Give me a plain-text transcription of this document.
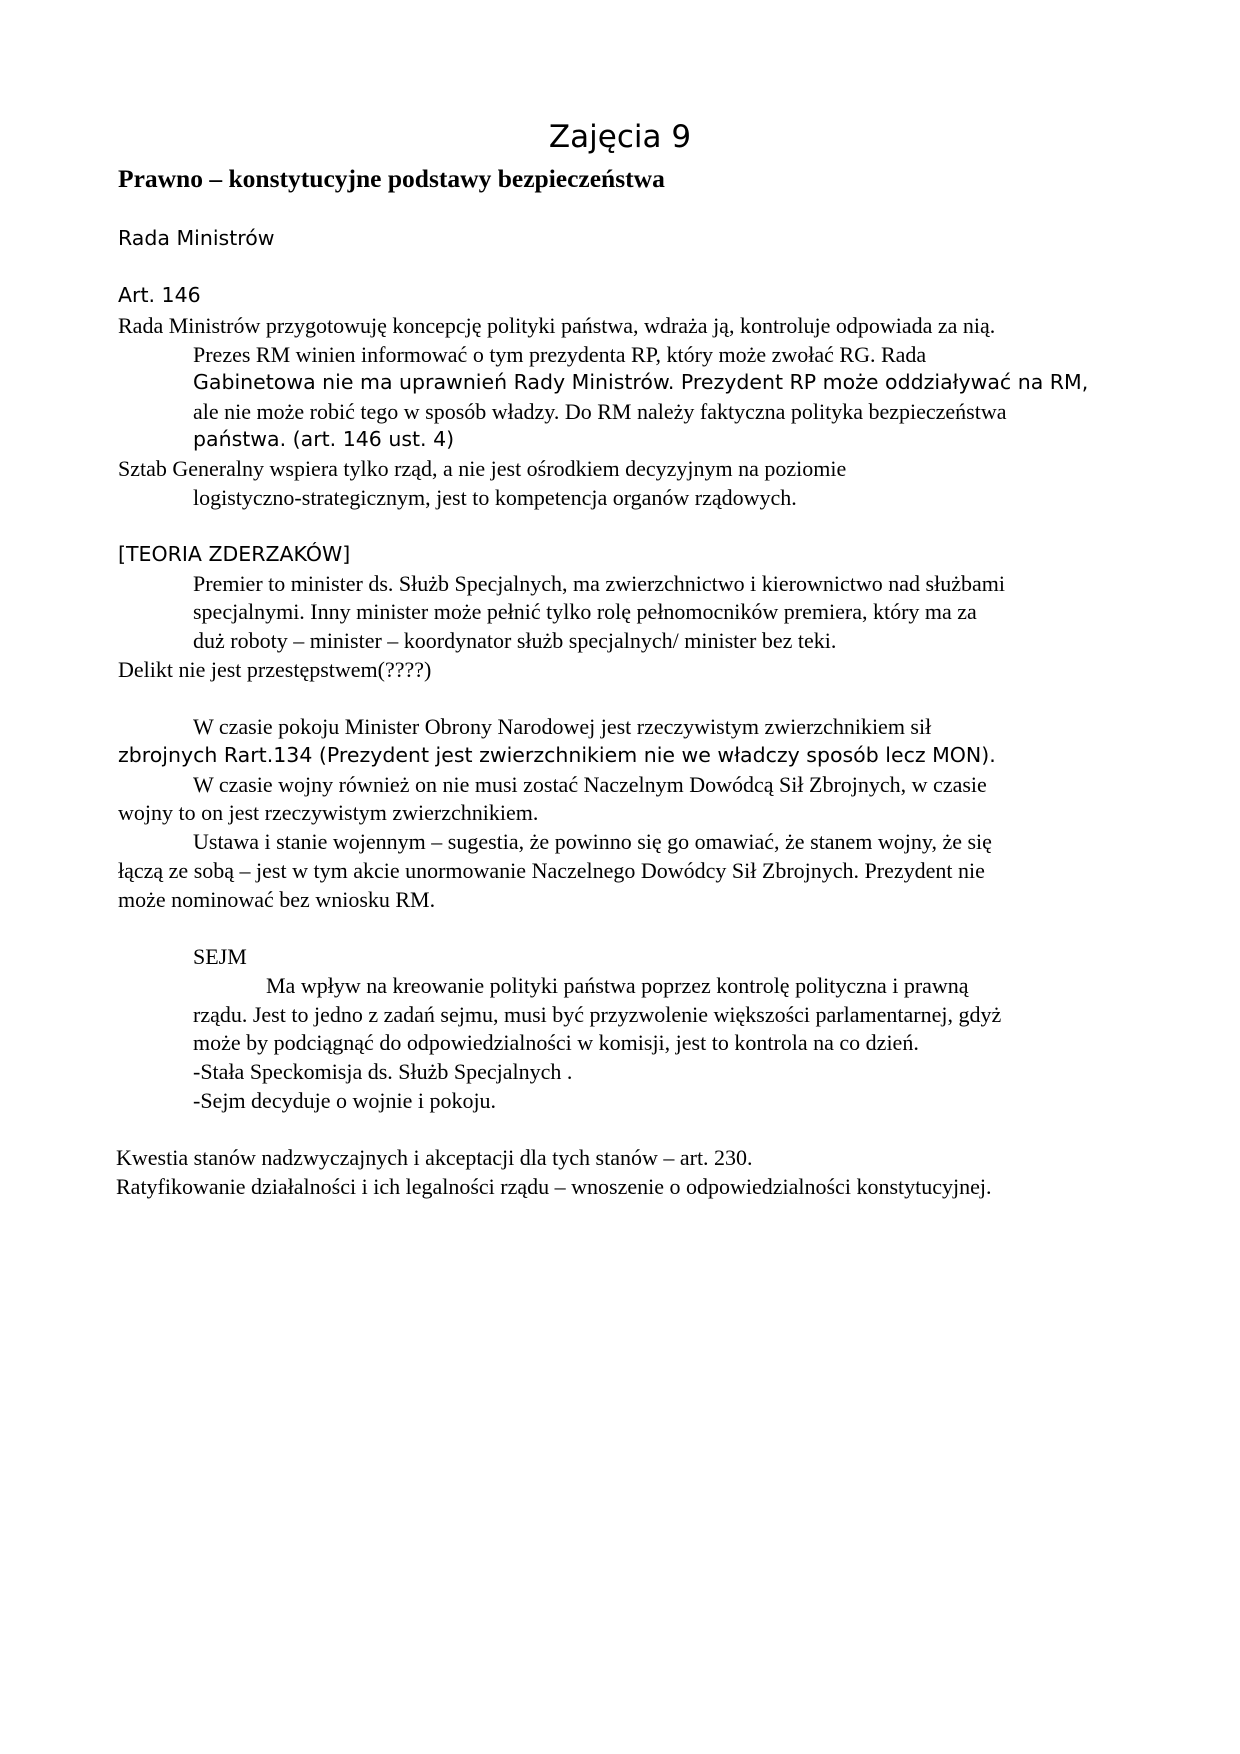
Zajęcia 9
Prawno – konstytucyjne podstawy bezpieczeństwa

Rada Ministrów

Art. 146

Rada Ministrów przygotowuję koncepcję polityki państwa, wdraża ją, kontroluje odpowiada za nią.

Prezes RM winien informować o tym prezydenta RP, który może zwołać RG. Rada

Gabinetowa nie ma uprawnień Rady Ministrów. Prezydent RP może oddziaływać na RM,

ale nie może robić tego w sposób władzy. Do RM należy faktyczna polityka bezpieczeństwa

państwa. (art. 146 ust. 4)

Sztab Generalny wspiera tylko rząd, a nie jest ośrodkiem decyzyjnym na poziomie

logistyczno-strategicznym, jest to kompetencja organów rządowych.

[TEORIA ZDERZAKÓW]

Premier to minister ds. Służb Specjalnych, ma zwierzchnictwo i kierownictwo nad służbami

specjalnymi. Inny minister może pełnić tylko rolę pełnomocników premiera, który ma za

duż roboty – minister – koordynator służb specjalnych/ minister bez teki.

Delikt nie jest przestępstwem(????)

W czasie pokoju Minister Obrony Narodowej jest rzeczywistym zwierzchnikiem sił

zbrojnych Rart.134 (Prezydent jest zwierzchnikiem nie we władczy sposób lecz MON).

W czasie wojny również on nie musi zostać Naczelnym Dowódcą Sił Zbrojnych, w czasie

wojny to on jest rzeczywistym zwierzchnikiem.

Ustawa i stanie wojennym – sugestia, że powinno się go omawiać, że stanem wojny, że się

łączą ze sobą – jest w tym akcie unormowanie Naczelnego Dowódcy Sił Zbrojnych. Prezydent nie

może nominować bez wniosku RM.

SEJM

Ma wpływ na kreowanie polityki państwa poprzez kontrolę polityczna i prawną

rządu. Jest to jedno z zadań sejmu, musi być przyzwolenie większości parlamentarnej, gdyż

może by podciągnąć do odpowiedzialności w komisji, jest to kontrola na co dzień.

-Stała Speckomisja ds. Służb Specjalnych .

-Sejm decyduje o wojnie i pokoju.

Kwestia stanów nadzwyczajnych i akceptacji dla tych stanów – art. 230.

Ratyfikowanie działalności i ich legalności rządu – wnoszenie o odpowiedzialności konstytucyjnej.
